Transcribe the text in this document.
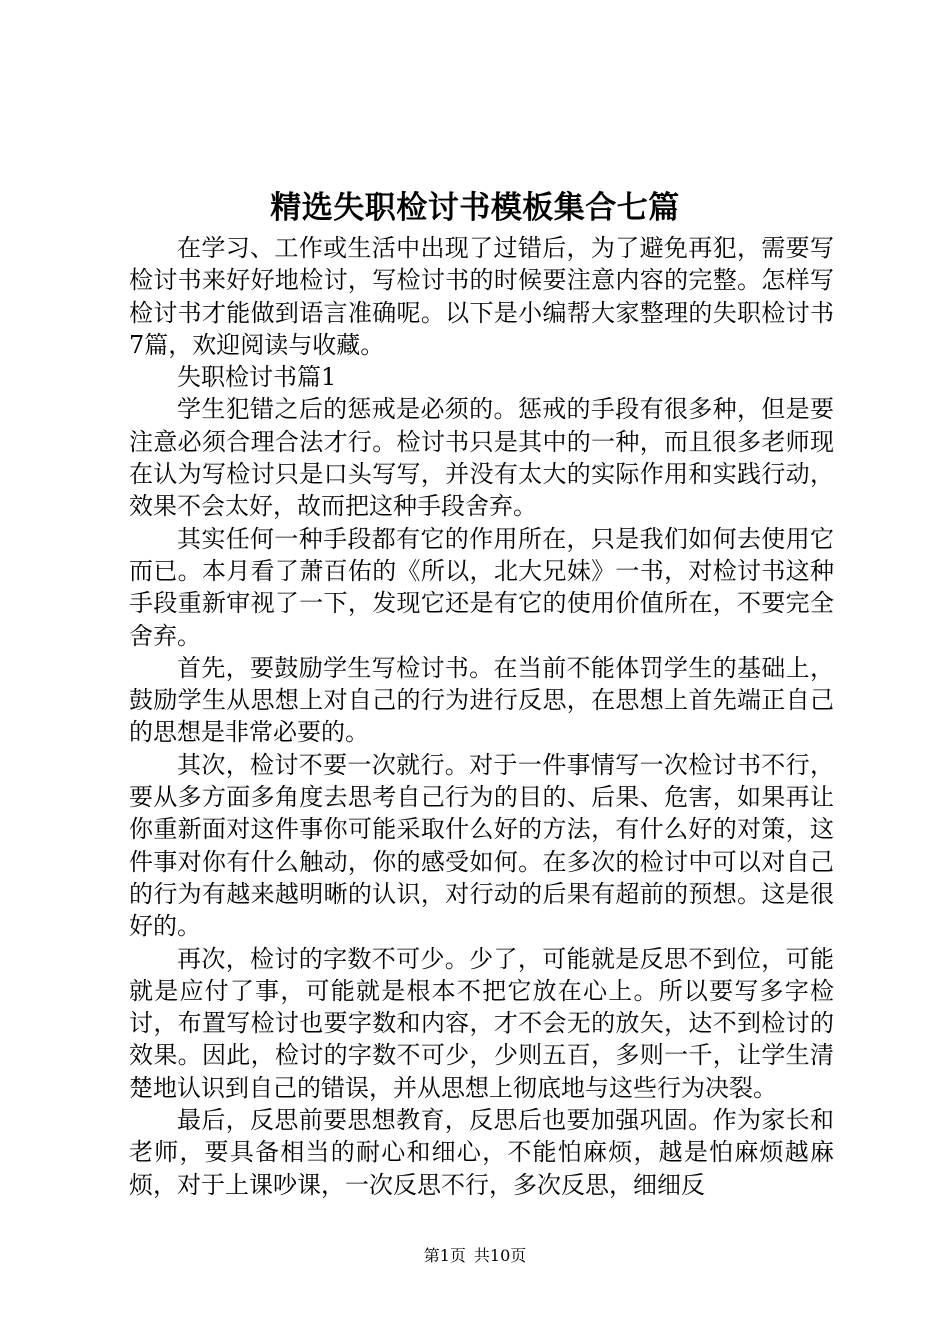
精选失职检讨书模板集合七篇

在学习、工作或生活中出现了过错后，为了避免再犯，需要写检讨书来好好地检讨，写检讨书的时候要注意内容的完整。怎样写检讨书才能做到语言准确呢。以下是小编帮大家整理的失职检讨书7篇，欢迎阅读与收藏。

失职检讨书篇1

学生犯错之后的惩戒是必须的。惩戒的手段有很多种，但是要注意必须合理合法才行。检讨书只是其中的一种，而且很多老师现在认为写检讨只是口头写写，并没有太大的实际作用和实践行动，效果不会太好，故而把这种手段舍弃。

其实任何一种手段都有它的作用所在，只是我们如何去使用它而已。本月看了萧百佑的《所以，北大兄妹》一书，对检讨书这种手段重新审视了一下，发现它还是有它的使用价值所在，不要完全舍弃。

首先，要鼓励学生写检讨书。在当前不能体罚学生的基础上，鼓励学生从思想上对自己的行为进行反思，在思想上首先端正自己的思想是非常必要的。

其次，检讨不要一次就行。对于一件事情写一次检讨书不行，要从多方面多角度去思考自己行为的目的、后果、危害，如果再让你重新面对这件事你可能采取什么好的方法，有什么好的对策，这件事对你有什么触动，你的感受如何。在多次的检讨中可以对自己的行为有越来越明晰的认识，对行动的后果有超前的预想。这是很好的。

再次，检讨的字数不可少。少了，可能就是反思不到位，可能就是应付了事，可能就是根本不把它放在心上。所以要写多字检讨，布置写检讨也要字数和内容，才不会无的放矢，达不到检讨的效果。因此，检讨的字数不可少，少则五百，多则一千，让学生清楚地认识到自己的错误，并从思想上彻底地与这些行为决裂。

最后，反思前要思想教育，反思后也要加强巩固。作为家长和老师，要具备相当的耐心和细心，不能怕麻烦，越是怕麻烦越麻烦，对于上课吵课，一次反思不行，多次反思，细细反

第1页 共10页
